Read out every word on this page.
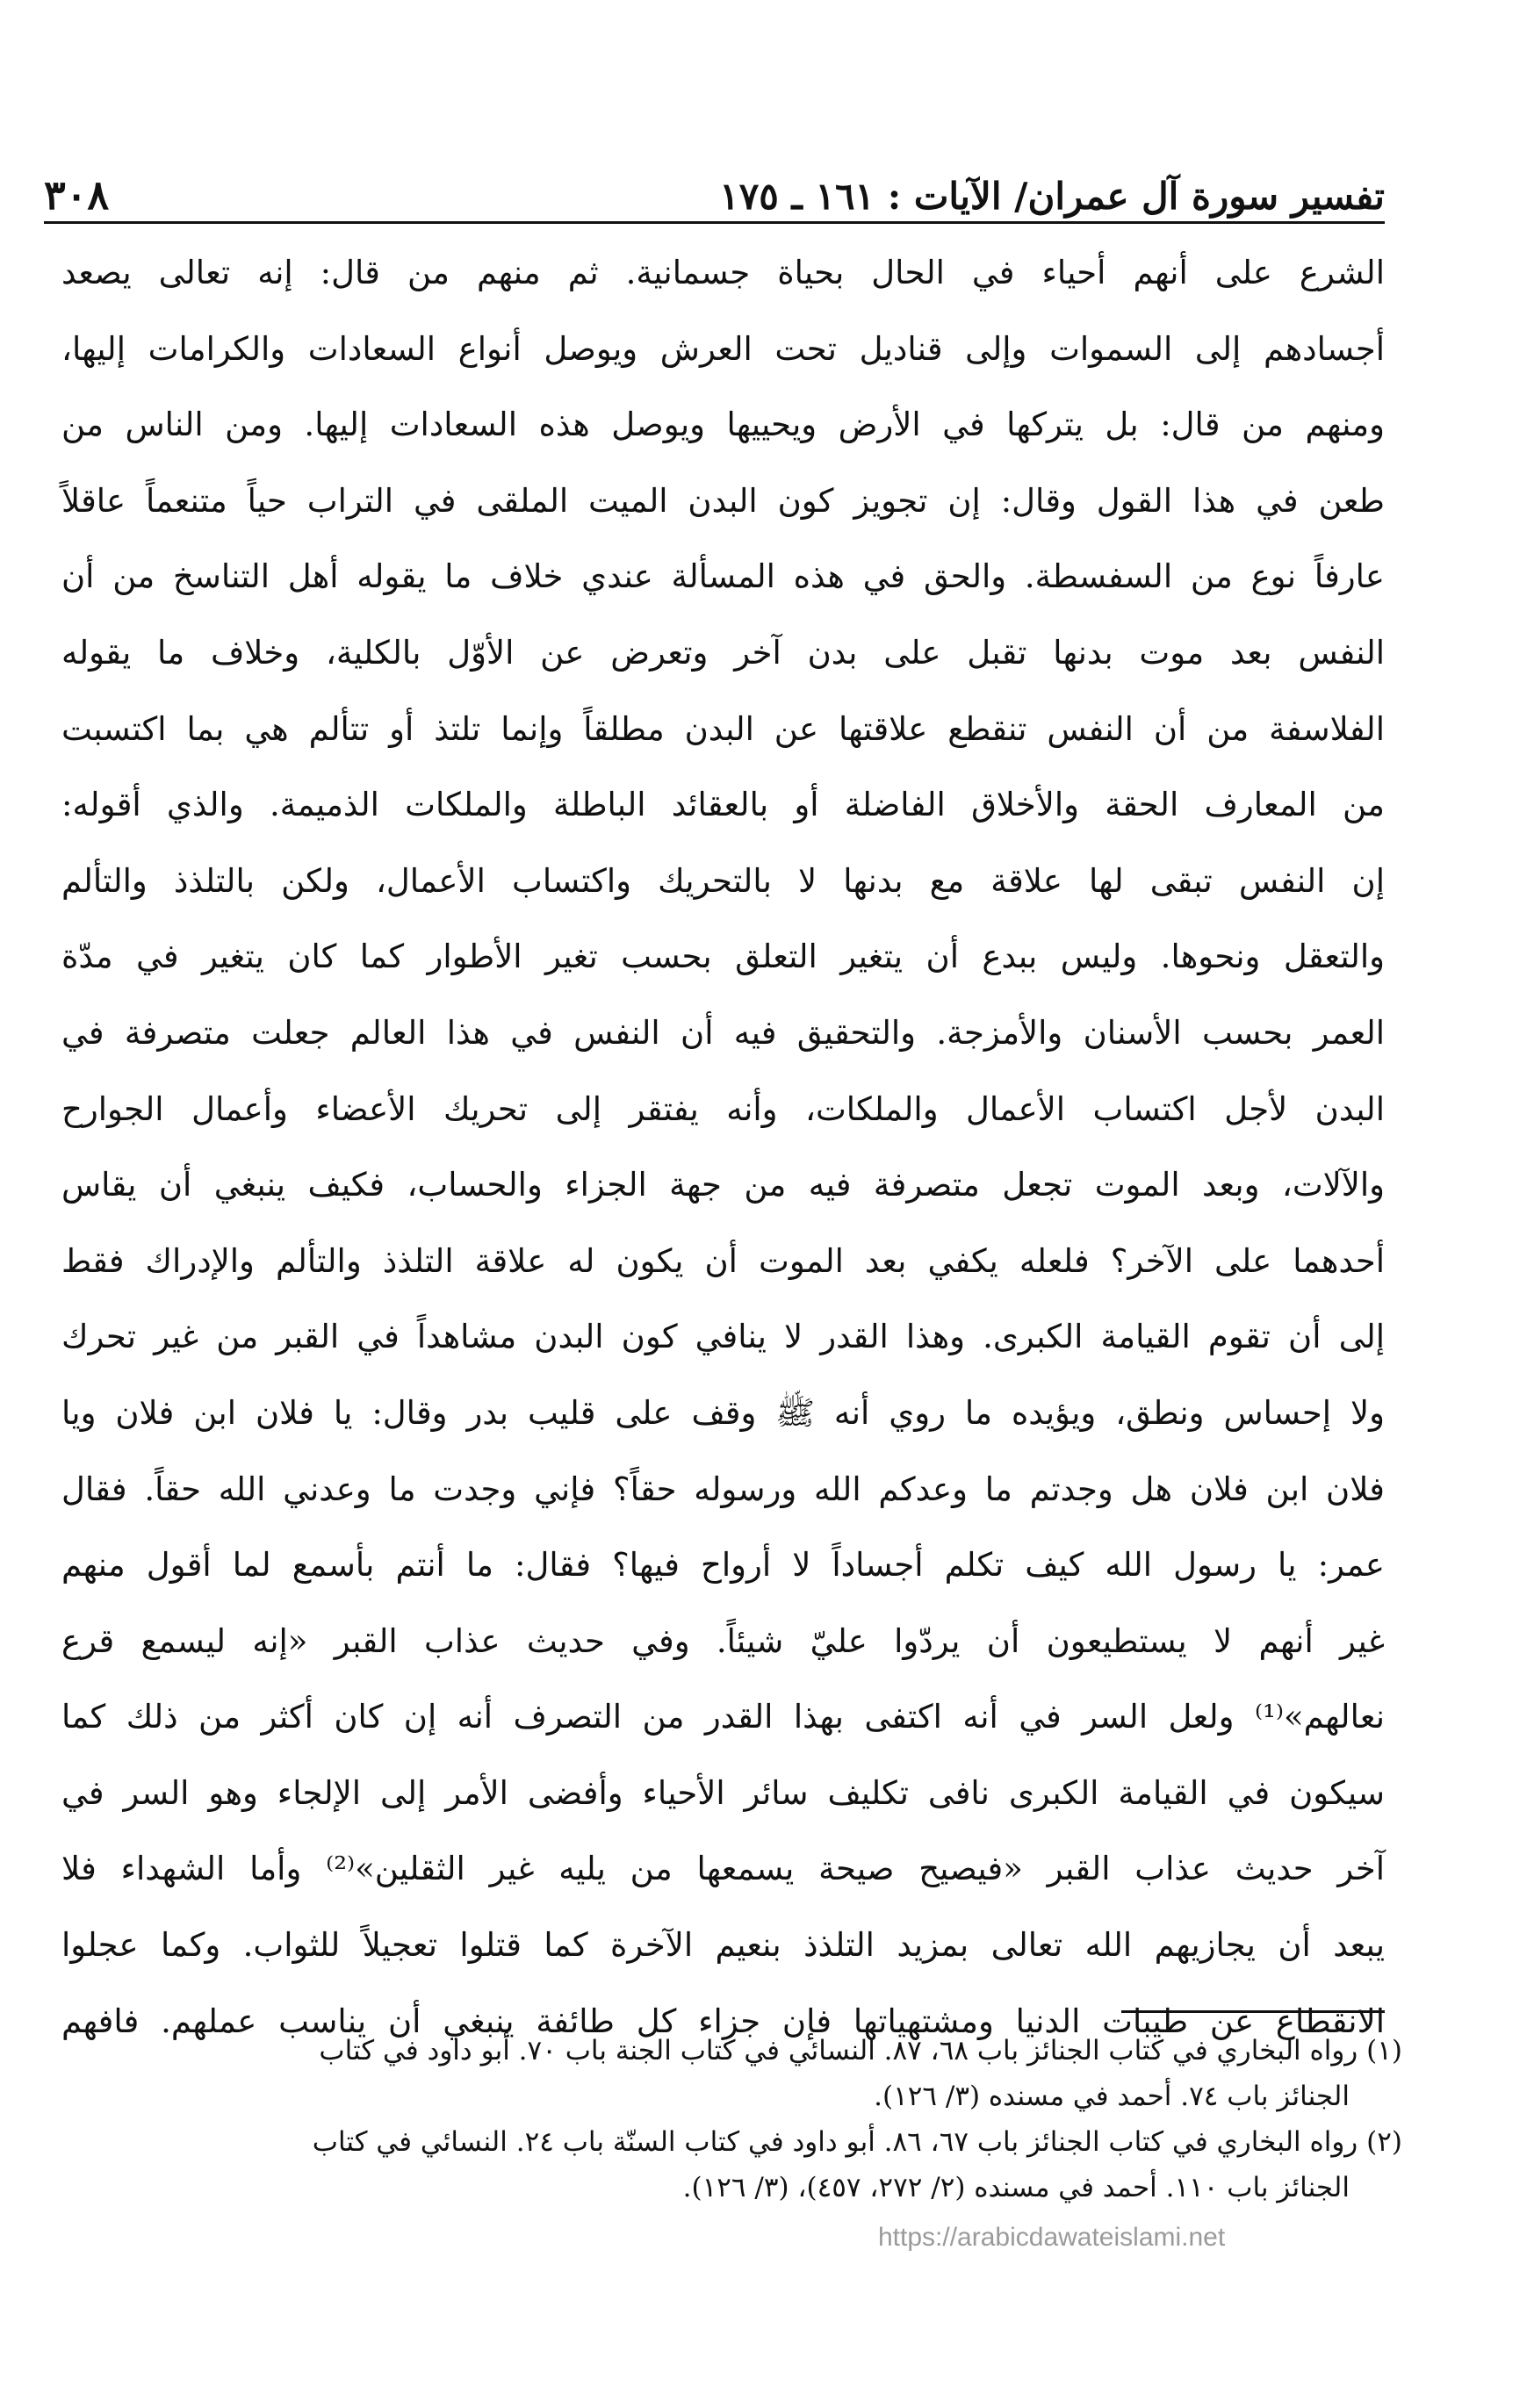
تفسير سورة آل عمران/ الآيات : ١٦١ ـ ١٧٥
٣٠٨
الشرع على أنهم أحياء في الحال بحياة جسمانية. ثم منهم من قال: إنه تعالى يصعد
أجسادهم إلى السموات وإلى قناديل تحت العرش ويوصل أنواع السعادات والكرامات إليها،
ومنهم من قال: بل يتركها في الأرض ويحييها ويوصل هذه السعادات إليها. ومن الناس من
طعن في هذا القول وقال: إن تجويز كون البدن الميت الملقى في التراب حياً متنعماً عاقلاً
عارفاً نوع من السفسطة. والحق في هذه المسألة عندي خلاف ما يقوله أهل التناسخ من أن
النفس بعد موت بدنها تقبل على بدن آخر وتعرض عن الأوّل بالكلية، وخلاف ما يقوله
الفلاسفة من أن النفس تنقطع علاقتها عن البدن مطلقاً وإنما تلتذ أو تتألم هي بما اكتسبت
من المعارف الحقة والأخلاق الفاضلة أو بالعقائد الباطلة والملكات الذميمة. والذي أقوله:
إن النفس تبقى لها علاقة مع بدنها لا بالتحريك واكتساب الأعمال، ولكن بالتلذذ والتألم
والتعقل ونحوها. وليس ببدع أن يتغير التعلق بحسب تغير الأطوار كما كان يتغير في مدّة
العمر بحسب الأسنان والأمزجة. والتحقيق فيه أن النفس في هذا العالم جعلت متصرفة في
البدن لأجل اكتساب الأعمال والملكات، وأنه يفتقر إلى تحريك الأعضاء وأعمال الجوارح
والآلات، وبعد الموت تجعل متصرفة فيه من جهة الجزاء والحساب، فكيف ينبغي أن يقاس
أحدهما على الآخر؟ فلعله يكفي بعد الموت أن يكون له علاقة التلذذ والتألم والإدراك فقط
إلى أن تقوم القيامة الكبرى. وهذا القدر لا ينافي كون البدن مشاهداً في القبر من غير تحرك
ولا إحساس ونطق، ويؤيده ما روي أنه ﷺ وقف على قليب بدر وقال: يا فلان ابن فلان ويا
فلان ابن فلان هل وجدتم ما وعدكم الله ورسوله حقاً؟ فإني وجدت ما وعدني الله حقاً. فقال
عمر: يا رسول الله كيف تكلم أجساداً لا أرواح فيها؟ فقال: ما أنتم بأسمع لما أقول منهم
غير أنهم لا يستطيعون أن يردّوا عليّ شيئاً. وفي حديث عذاب القبر «إنه ليسمع قرع
نعالهم»⁽¹⁾ ولعل السر في أنه اكتفى بهذا القدر من التصرف أنه إن كان أكثر من ذلك كما
سيكون في القيامة الكبرى نافى تكليف سائر الأحياء وأفضى الأمر إلى الإلجاء وهو السر في
آخر حديث عذاب القبر «فيصيح صيحة يسمعها من يليه غير الثقلين»⁽²⁾ وأما الشهداء فلا
يبعد أن يجازيهم الله تعالى بمزيد التلذذ بنعيم الآخرة كما قتلوا تعجيلاً للثواب. وكما عجلوا
الانقطاع عن طيبات الدنيا ومشتهياتها فإن جزاء كل طائفة ينبغي أن يناسب عملهم. فافهم
(١) رواه البخاري في كتاب الجنائز باب ٦٨، ٨٧. النسائي في كتاب الجنة باب ٧٠. أبو داود في كتاب
الجنائز باب ٧٤. أحمد في مسنده (٣/ ١٢٦).
(٢) رواه البخاري في كتاب الجنائز باب ٦٧، ٨٦. أبو داود في كتاب السنّة باب ٢٤. النسائي في كتاب
الجنائز باب ١١٠. أحمد في مسنده (٢/ ٢٧٢، ٤٥٧)، (٣/ ١٢٦).
https://arabicdawateislami.net
